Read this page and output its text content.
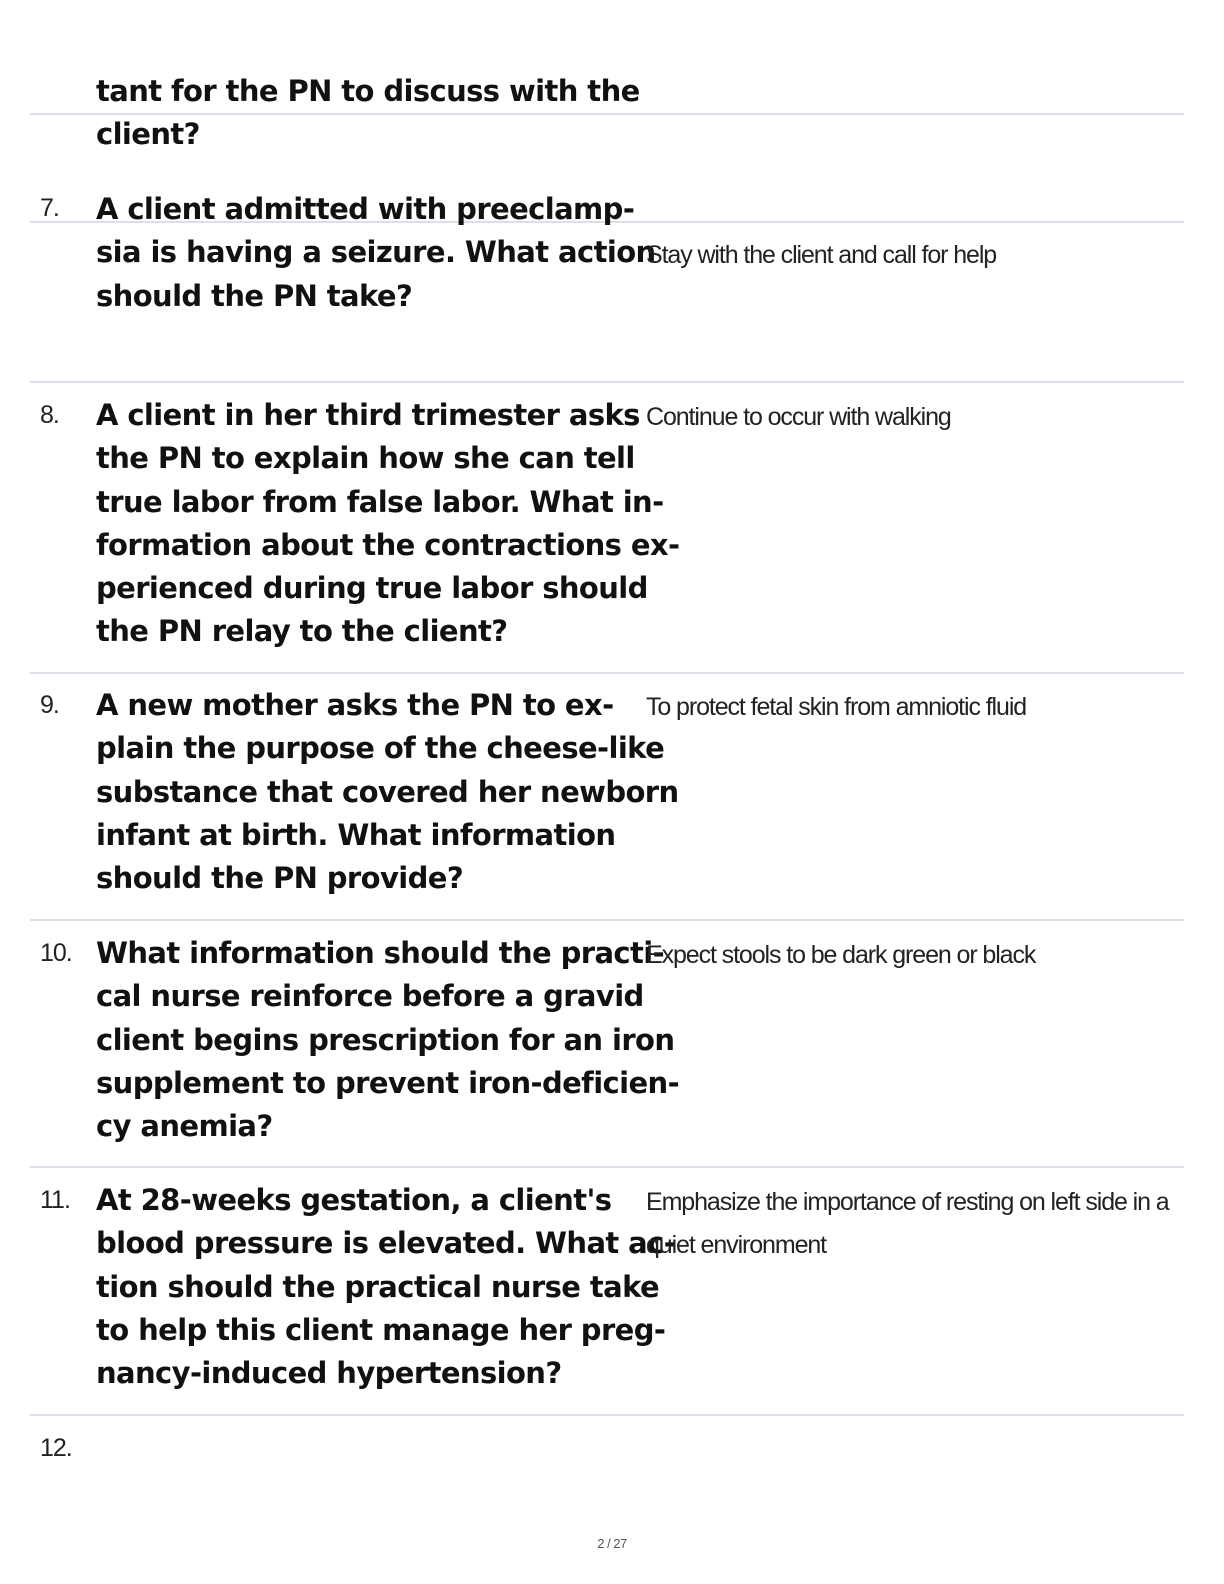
tant for the PN to discuss with the
client?
7. A client admitted with preeclamp-
sia is having a seizure. What action
should the PN take?
Stay with the client and call for help
8. A client in her third trimester asks
the PN to explain how she can tell
true labor from false labor. What in-
formation about the contractions ex-
perienced during true labor should
the PN relay to the client?
Continue to occur with walking
9. A new mother asks the PN to ex-
plain the purpose of the cheese-like
substance that covered her newborn
infant at birth. What information
should the PN provide?
To protect fetal skin from amniotic fluid
10. What information should the practi-
cal nurse reinforce before a gravid
client begins prescription for an iron
supplement to prevent iron-deficien-
cy anemia?
Expect stools to be dark green or black
11. At 28-weeks gestation, a client's
blood pressure is elevated. What ac-
tion should the practical nurse take
to help this client manage her preg-
nancy-induced hypertension?
Emphasize the importance of resting on left side in a
quiet environment
12.
2 / 27
